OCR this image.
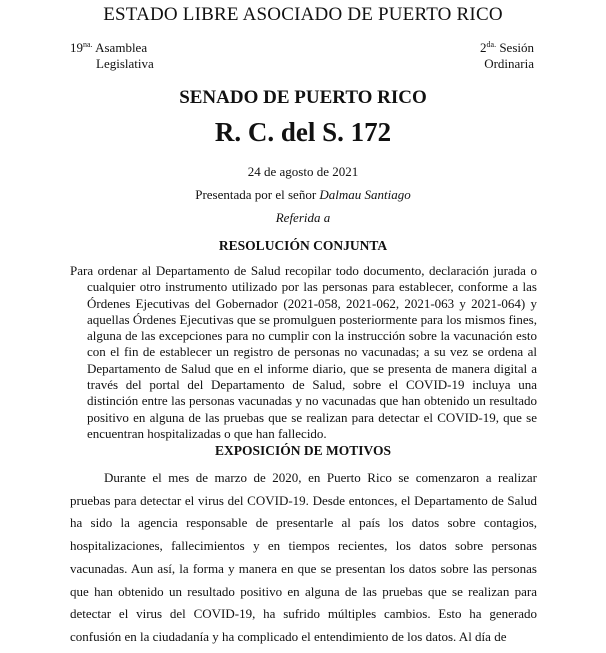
ESTADO LIBRE ASOCIADO DE PUERTO RICO
$19^{na.}$ Asamblea
Legislativa
$2^{da.}$ Sesión
Ordinaria
SENADO DE PUERTO RICO
R. C. del S. 172
24 de agosto de 2021
Presentada por el señor Dalmau Santiago
Referida a
RESOLUCIÓN CONJUNTA
Para ordenar al Departamento de Salud recopilar todo documento, declaración jurada o cualquier otro instrumento utilizado por las personas para establecer, conforme a las Órdenes Ejecutivas del Gobernador (2021-058, 2021-062, 2021-063 y 2021-064) y aquellas Órdenes Ejecutivas que se promulguen posteriormente para los mismos fines, alguna de las excepciones para no cumplir con la instrucción sobre la vacunación esto con el fin de establecer un registro de personas no vacunadas; a su vez se ordena al Departamento de Salud que en el informe diario, que se presenta de manera digital a través del portal del Departamento de Salud, sobre el COVID-19 incluya una distinción entre las personas vacunadas y no vacunadas que han obtenido un resultado positivo en alguna de las pruebas que se realizan para detectar el COVID-19, que se encuentran hospitalizadas o que han fallecido.
EXPOSICIÓN DE MOTIVOS

Durante el mes de marzo de 2020, en Puerto Rico se comenzaron a realizar pruebas para detectar el virus del COVID-19. Desde entonces, el Departamento de Salud ha sido la agencia responsable de presentarle al país los datos sobre contagios, hospitalizaciones, fallecimientos y en tiempos recientes, los datos sobre personas vacunadas. Aun así, la forma y manera en que se presentan los datos sobre las personas que han obtenido un resultado positivo en alguna de las pruebas que se realizan para detectar el virus del COVID-19, ha sufrido múltiples cambios. Esto ha generado confusión en la ciudadanía y ha complicado el entendimiento de los datos. Al día de
